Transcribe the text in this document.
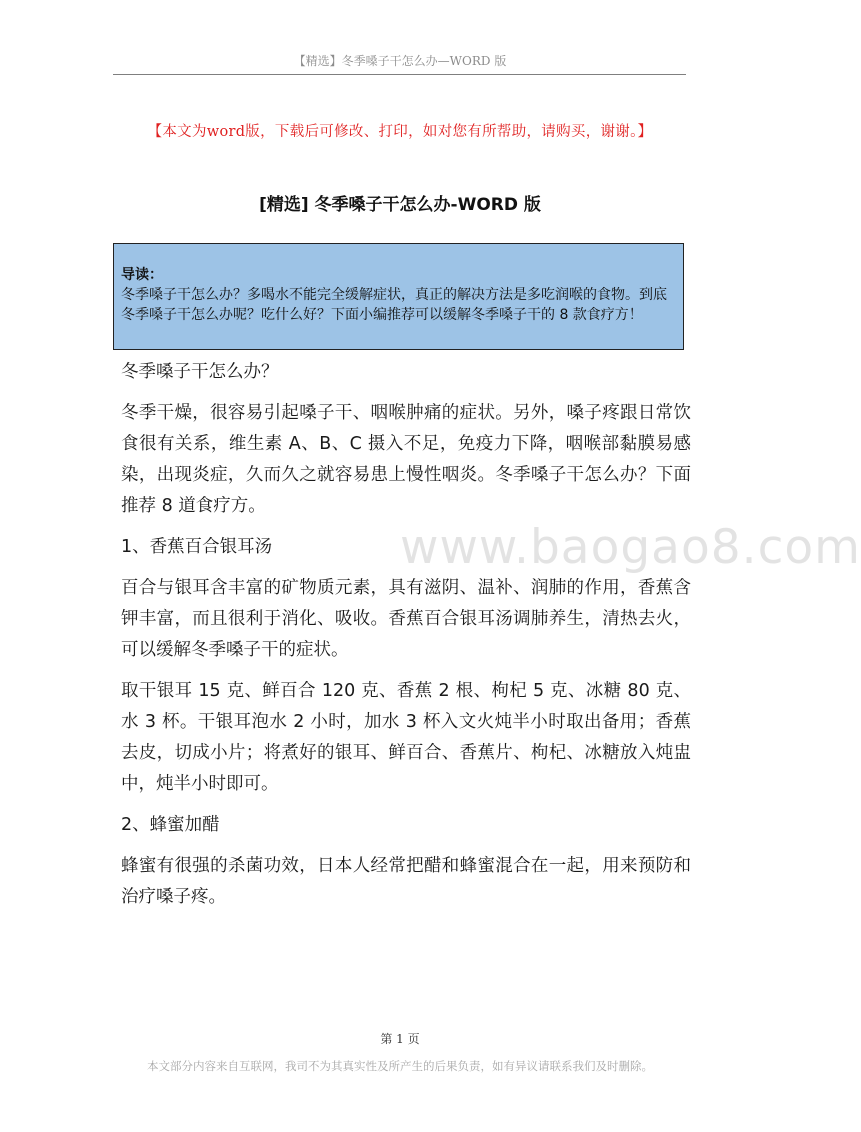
【精选】冬季嗓子干怎么办—WORD 版
【本文为word版，下载后可修改、打印，如对您有所帮助，请购买，谢谢。】
[精选] 冬季嗓子干怎么办-WORD 版
导读：
冬季嗓子干怎么办？多喝水不能完全缓解症状，真正的解决方法是多吃润喉的食物。到底冬季嗓子干怎么办呢？吃什么好？下面小编推荐可以缓解冬季嗓子干的 8 款食疗方！
www.baogao8.com

冬季嗓子干怎么办？

冬季干燥，很容易引起嗓子干、咽喉肿痛的症状。另外，嗓子疼跟日常饮食很有关系，维生素 A、B、C 摄入不足，免疫力下降，咽喉部黏膜易感染，出现炎症，久而久之就容易患上慢性咽炎。冬季嗓子干怎么办？下面推荐 8 道食疗方。

1、香蕉百合银耳汤

百合与银耳含丰富的矿物质元素，具有滋阴、温补、润肺的作用，香蕉含钾丰富，而且很利于消化、吸收。香蕉百合银耳汤调肺养生，清热去火，可以缓解冬季嗓子干的症状。

取干银耳 15 克、鲜百合 120 克、香蕉 2 根、枸杞 5 克、冰糖 80 克、水 3 杯。干银耳泡水 2 小时，加水 3 杯入文火炖半小时取出备用；香蕉去皮，切成小片；将煮好的银耳、鲜百合、香蕉片、枸杞、冰糖放入炖盅中，炖半小时即可。

2、蜂蜜加醋

蜂蜜有很强的杀菌功效，日本人经常把醋和蜂蜜混合在一起，用来预防和治疗嗓子疼。

第 1 页
本文部分内容来自互联网，我司不为其真实性及所产生的后果负责，如有异议请联系我们及时删除。
